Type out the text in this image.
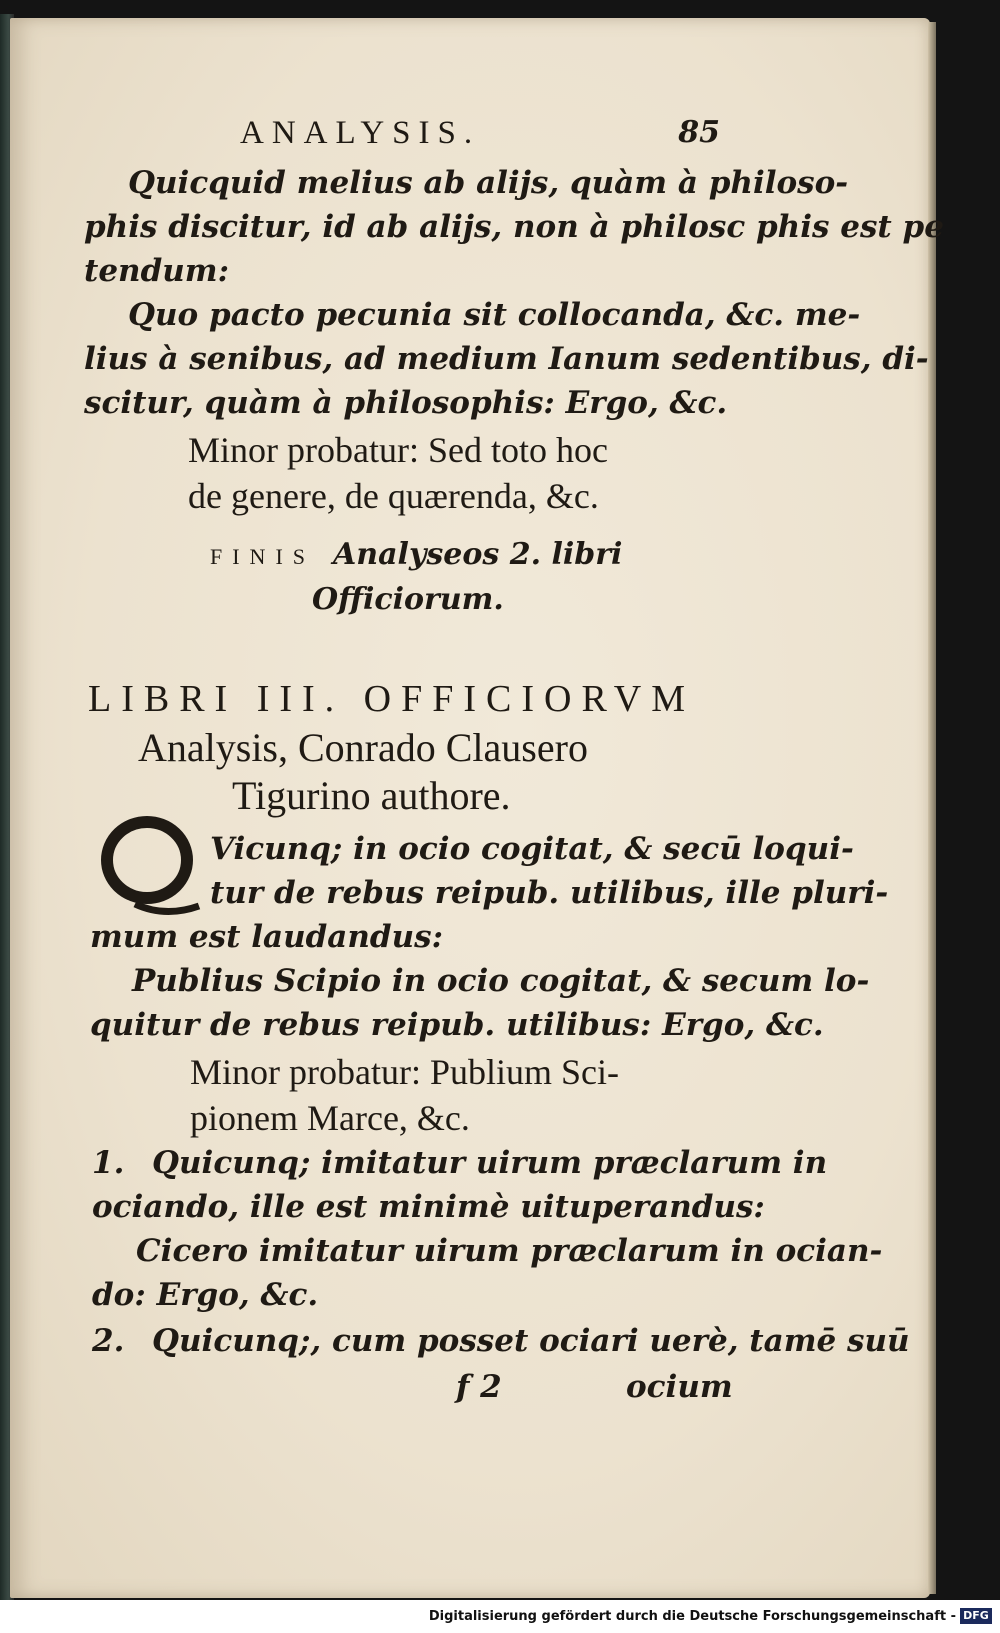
ANALYSIS.	85
Quicquid melius ab alijs, quàm à philoso-
phis discitur, id ab alijs, non à philosc phis est pe
tendum:
Quo pacto pecunia sit collocanda, &c. me-
lius à senibus, ad medium Ianum sedentibus, di-
scitur, quàm à philosophis: Ergo, &c.
Minor probatur: Sed toto hoc
de genere, de quærenda, &c.
FINIS Analyseos 2. libri
Officiorum.
LIBRI III. OFFICIORVM
Analysis, Conrado Clausero
Tigurino authore.
Vicunq; in ocio cogitat, & secū loqui-
tur de rebus reipub. utilibus, ille pluri-
mum est laudandus:
Publius Scipio in ocio cogitat, & secum lo-
quitur de rebus reipub. utilibus: Ergo, &c.
Minor probatur: Publium Sci-
pionem Marce, &c.
1. Quicunq; imitatur uirum præclarum in
ociando, ille est minimè uituperandus:
Cicero imitatur uirum præclarum in ocian-
do: Ergo, &c.
2. Quicunq;, cum posset ociari uerè, tamē suū
f 2	ocium
Digitalisierung gefördert durch die Deutsche Forschungsgemeinschaft - DFG
